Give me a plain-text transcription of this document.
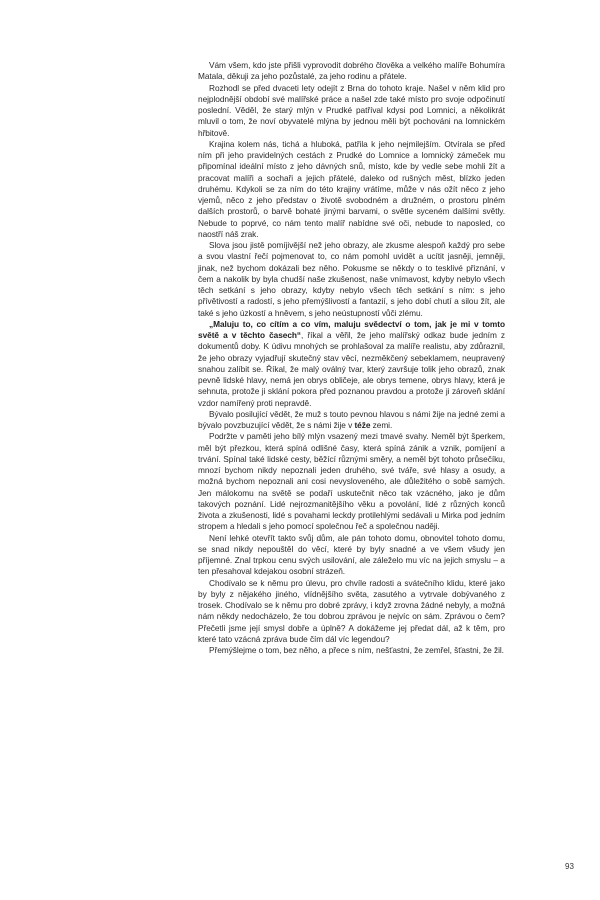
Vám všem, kdo jste přišli vyprovodit dobrého člověka a velkého malíře Bohumíra Matala, děkuji za jeho pozůstalé, za jeho rodinu a přátele.

Rozhodl se před dvaceti lety odejít z Brna do tohoto kraje. Našel v něm klid pro nejplodnější období své malířské práce a našel zde také místo pro svoje odpočinutí poslední. Věděl, že starý mlýn v Prudké patříval kdysi pod Lomnici, a několikrát mluvil o tom, že noví obyvatelé mlýna by jednou měli být pochováni na lomnickém hřbitově.

Krajina kolem nás, tichá a hluboká, patřila k jeho nejmilejším. Otvírala se před ním při jeho pravidelných cestách z Prudké do Lomnice a lomnický zámeček mu připomínal ideální místo z jeho dávných snů, místo, kde by vedle sebe mohli žít a pracovat malíři a sochaři a jejich přátelé, daleko od rušných měst, blízko jeden druhému. Kdykoli se za ním do této krajiny vrátíme, může v nás ožít něco z jeho vjemů, něco z jeho představ o životě svobodném a družném, o prostoru plném dalších prostorů, o barvě bohaté jinými barvami, o světle syceném dalšími světly. Nebude to poprvé, co nám tento malíř nabídne své oči, nebude to naposled, co naostří náš zrak.

Slova jsou jistě pomíjivější než jeho obrazy, ale zkusme alespoň každý pro sebe a svou vlastní řečí pojmenovat to, co nám pomohl uvidět a ucítit jasněji, jemněji, jinak, než bychom dokázali bez něho. Pokusme se někdy o to tesklivé přiznání, v čem a nakolik by byla chudší naše zkušenost, naše vnímavost, kdyby nebylo všech těch setkání s jeho obrazy, kdyby nebylo všech těch setkání s ním: s jeho přívětivostí a radostí, s jeho přemýšlivostí a fantazií, s jeho dobí chutí a silou žít, ale také s jeho úzkostí a hněvem, s jeho neústupností vůči zlému.

„Maluju to, co cítím a co vím, maluju svědectví o tom, jak je mi v tomto světě a v těchto časech“, říkal a věřil, že jeho malířský odkaz bude jedním z dokumentů doby. K údivu mnohých se prohlašoval za malíře realistu, aby zdůraznil, že jeho obrazy vyjadřují skutečný stav věcí, nezměkčený sebeklamem, neupravený snahou zalíbit se. Říkal, že malý oválný tvar, který završuje tolik jeho obrazů, znak pevně lidské hlavy, nemá jen obrys obličeje, ale obrys temene, obrys hlavy, která je sehnuta, protože ji sklání pokora před poznanou pravdou a protože ji zároveň sklání vzdor namířený proti nepravdě.

Bývalo posilující vědět, že muž s touto pevnou hlavou s námi žije na jedné zemi a bývalo povzbuzující vědět, že s námi žije v téže zemi.

Podržte v paměti jeho bílý mlýn vsazený mezi tmavé svahy. Neměl být šperkem, měl být přezkou, která spíná odlišné časy, která spíná zánik a vznik, pomíjení a trvání. Spínal také lidské cesty, běžící různými směry, a neměl být tohoto průsečíku, mnozí bychom nikdy nepoznali jeden druhého, své tváře, své hlasy a osudy, a možná bychom nepoznali ani cosi nevysloveného, ale důležitého o sobě samých. Jen málokomu na světě se podaří uskutečnit něco tak vzácného, jako je dům takových poznání. Lidé nejrozmanitějšího věku a povolání, lidé z různých konců života a zkušenosti, lidé s povahami leckdy protilehlými sedávali u Mirka pod jedním stropem a hledali s jeho pomocí společnou řeč a společnou naději.

Není lehké otevřít takto svůj dům, ale pán tohoto domu, obnovitel tohoto domu, se snad nikdy nepouštěl do věcí, které by byly snadné a ve všem všudy jen příjemné. Znal trpkou cenu svých usilování, ale záleželo mu víc na jejich smyslu – a ten přesahoval kdejakou osobní strázeň.

Chodívalo se k němu pro úlevu, pro chvíle radosti a svátečního klidu, které jako by byly z nějakého jiného, vlídnějšího světa, zasutého a vytrvale dobývaného z trosek. Chodívalo se k němu pro dobré zprávy, i když zrovna žádné nebyly, a možná nám někdy nedocházelo, že tou dobrou zprávou je nejvíc on sám. Zprávou o čem? Přečetli jsme její smysl dobře a úplně? A dokážeme jej předat dál, až k těm, pro které tato vzácná zpráva bude čím dál víc legendou?

Přemýšlejme o tom, bez něho, a přece s ním, nešťastni, že zemřel, šťastni, že žil.

93
